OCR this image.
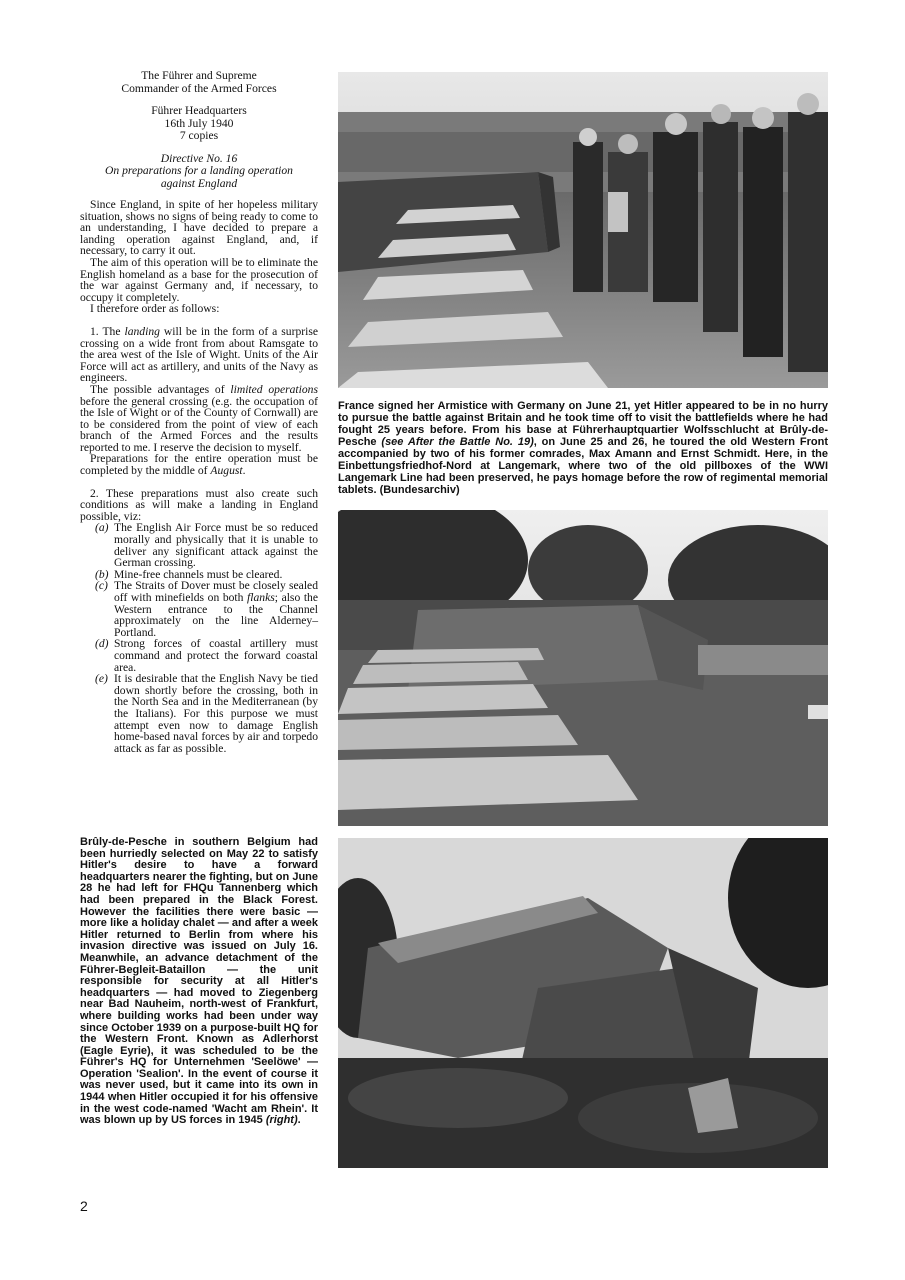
The Führer and Supreme

Commander of the Armed Forces

Führer Headquarters

16th July 1940

7 copies

Directive No. 16
On preparations for a landing operation
against England

Since England, in spite of her hopeless military situation, shows no signs of being ready to come to an understanding, I have decided to prepare a landing operation against England, and, if necessary, to carry it out.

The aim of this operation will be to eliminate the English homeland as a base for the prosecution of the war against Germany and, if necessary, to occupy it completely.

I therefore order as follows:

1. The landing will be in the form of a surprise crossing on a wide front from about Ramsgate to the area west of the Isle of Wight. Units of the Air Force will act as artillery, and units of the Navy as engineers.

The possible advantages of limited operations before the general crossing (e.g. the occupation of the Isle of Wight or of the County of Cornwall) are to be considered from the point of view of each branch of the Armed Forces and the results reported to me. I reserve the decision to myself.

Preparations for the entire operation must be completed by the middle of August.

2. These preparations must also create such conditions as will make a landing in England possible, viz:

(a) The English Air Force must be so reduced morally and physically that it is unable to deliver any significant attack against the German crossing.
(b) Mine-free channels must be cleared.
(c) The Straits of Dover must be closely sealed off with minefields on both flanks; also the Western entrance to the Channel approximately on the line Alderney–Portland.
(d) Strong forces of coastal artillery must command and protect the forward coastal area.
(e) It is desirable that the English Navy be tied down shortly before the crossing, both in the North Sea and in the Mediterranean (by the Italians). For this purpose we must attempt even now to damage English home-based naval forces by air and torpedo attack as far as possible.

Brûly-de-Pesche in southern Belgium had been hurriedly selected on May 22 to satisfy Hitler's desire to have a forward headquarters nearer the fighting, but on June 28 he had left for FHQu Tannenberg which had been prepared in the Black Forest. However the facilities there were basic — more like a holiday chalet — and after a week Hitler returned to Berlin from where his invasion directive was issued on July 16. Meanwhile, an advance detachment of the Führer-Begleit-Bataillon — the unit responsible for security at all Hitler's headquarters — had moved to Ziegenberg near Bad Nauheim, north-west of Frankfurt, where building works had been under way since October 1939 on a purpose-built HQ for the Western Front. Known as Adlerhorst (Eagle Eyrie), it was scheduled to be the Führer's HQ for Unternehmen 'Seelöwe' — Operation 'Sealion'. In the event of course it was never used, but it came into its own in 1944 when Hitler occupied it for his offensive in the west code-named 'Wacht am Rhein'. It was blown up by US forces in 1945 (right).

France signed her Armistice with Germany on June 21, yet Hitler appeared to be in no hurry to pursue the battle against Britain and he took time off to visit the battlefields where he had fought 25 years before. From his base at Führerhauptquartier Wolfsschlucht at Brûly-de-Pesche (see After the Battle No. 19), on June 25 and 26, he toured the old Western Front accompanied by two of his former comrades, Max Amann and Ernst Schmidt. Here, in the Einbettungsfriedhof-Nord at Langemark, where two of the old pillboxes of the WWI Langemark Line had been preserved, he pays homage before the row of regimental memorial tablets. (Bundesarchiv)

2
